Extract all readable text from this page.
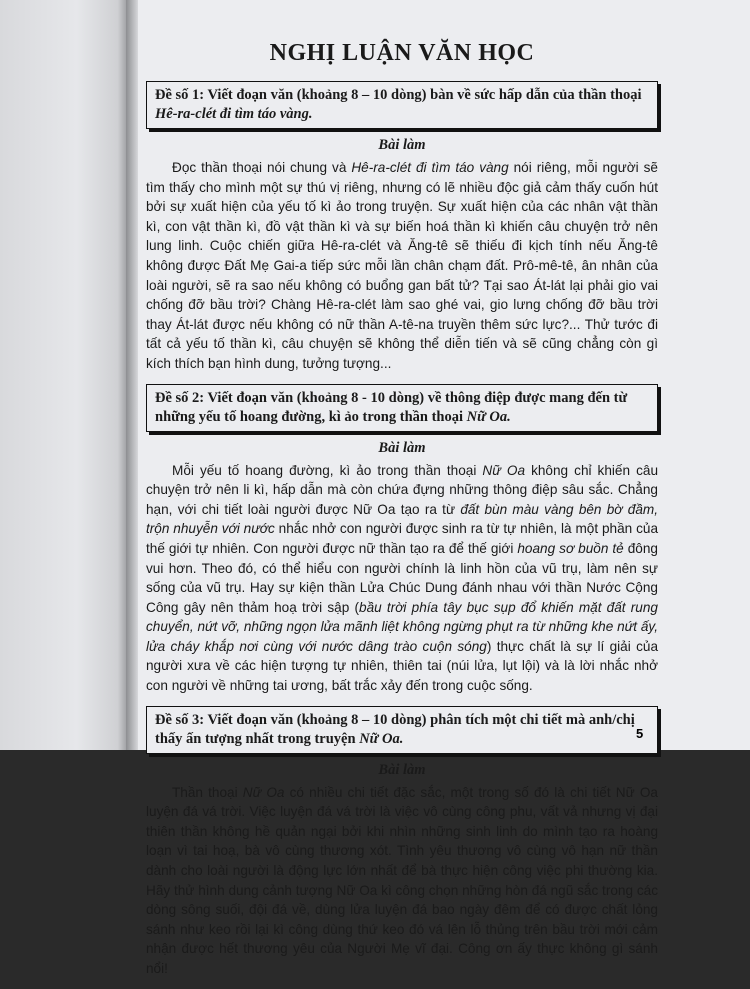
NGHỊ LUẬN VĂN HỌC
Đề số 1: Viết đoạn văn (khoảng 8 – 10 dòng) bàn về sức hấp dẫn của thần thoại Hê-ra-clét đi tìm táo vàng.
Bài làm

Đọc thần thoại nói chung và Hê-ra-clét đi tìm táo vàng nói riêng, mỗi người sẽ tìm thấy cho mình một sự thú vị riêng, nhưng có lẽ nhiều độc giả cảm thấy cuốn hút bởi sự xuất hiện của yếu tố kì ảo trong truyện. Sự xuất hiện của các nhân vật thần kì, con vật thần kì, đồ vật thần kì và sự biến hoá thần kì khiến câu chuyện trở nên lung linh. Cuộc chiến giữa Hê-ra-clét và Ăng-tê sẽ thiếu đi kịch tính nếu Ăng-tê không được Đất Mẹ Gai-a tiếp sức mỗi lần chân chạm đất. Prô-mê-tê, ân nhân của loài người, sẽ ra sao nếu không có buổng gan bất tử? Tại sao Át-lát lại phải gio vai chống đỡ bầu trời? Chàng Hê-ra-clét làm sao ghé vai, gio lưng chống đỡ bầu trời thay Át-lát được nếu không có nữ thần A-tê-na truyền thêm sức lực?... Thử tước đi tất cả yếu tố thần kì, câu chuyện sẽ không thể diễn tiến và sẽ cũng chẳng còn gì kích thích bạn hình dung, tưởng tượng...

Đề số 2: Viết đoạn văn (khoảng 8 - 10 dòng) về thông điệp được mang đến từ những yếu tố hoang đường, kì ảo trong thần thoại Nữ Oa.
Bài làm

Mỗi yếu tố hoang đường, kì ảo trong thần thoại Nữ Oa không chỉ khiến câu chuyện trở nên li kì, hấp dẫn mà còn chứa đựng những thông điệp sâu sắc. Chẳng hạn, với chi tiết loài người được Nữ Oa tạo ra từ đất bùn màu vàng bên bờ đầm, trộn nhuyễn với nước nhắc nhở con người được sinh ra từ tự nhiên, là một phần của thế giới tự nhiên. Con người được nữ thần tạo ra để thế giới hoang sơ buồn tẻ đông vui hơn. Theo đó, có thể hiểu con người chính là linh hồn của vũ trụ, làm nên sự sống của vũ trụ. Hay sự kiện thần Lửa Chúc Dung đánh nhau với thần Nước Cộng Công gây nên thảm hoạ trời sập (bầu trời phía tây bục sụp đổ khiến mặt đất rung chuyển, nứt vỡ, những ngọn lửa mãnh liệt không ngừng phụt ra từ những khe nứt ấy, lửa cháy khắp nơi cùng với nước dâng trào cuộn sóng) thực chất là sự lí giải của người xưa về các hiện tượng tự nhiên, thiên tai (núi lửa, lụt lội) và là lời nhắc nhở con người về những tai ương, bất trắc xảy đến trong cuộc sống.

Đề số 3: Viết đoạn văn (khoảng 8 – 10 dòng) phân tích một chi tiết mà anh/chị thấy ấn tượng nhất trong truyện Nữ Oa.
Bài làm

Thần thoại Nữ Oa có nhiều chi tiết đặc sắc, một trong số đó là chi tiết Nữ Oa luyện đá vá trời. Việc luyện đá vá trời là việc vô cùng công phu, vất vả nhưng vị đại thiên thần không hề quản ngại bởi khi nhìn những sinh linh do mình tạo ra hoàng loạn vì tai hoạ, bà vô cùng thương xót. Tình yêu thương vô cùng vô hạn nữ thần dành cho loài người là động lực lớn nhất để bà thực hiện công việc phi thường kia. Hãy thử hình dung cảnh tượng Nữ Oa kì công chọn những hòn đá ngũ sắc trong các dòng sông suối, đội đá về, dùng lửa luyện đá bao ngày đêm để có được chất lỏng sánh như keo rồi lại kì công dùng thứ keo đó vá lên lỗ thủng trên bầu trời mới cảm nhận được hết thương yêu của Người Mẹ vĩ đại. Công ơn ấy thực không gì sánh nổi!

5
